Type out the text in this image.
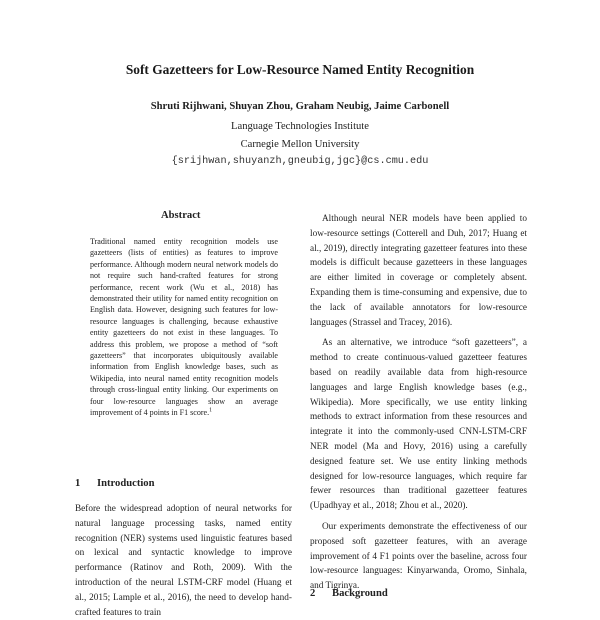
Soft Gazetteers for Low-Resource Named Entity Recognition
Shruti Rijhwani, Shuyan Zhou, Graham Neubig, Jaime Carbonell
Language Technologies Institute
Carnegie Mellon University
{srijhwan,shuyanzh,gneubig,jgc}@cs.cmu.edu
Abstract
Traditional named entity recognition models use gazetteers (lists of entities) as features to improve performance. Although modern neural network models do not require such hand-crafted features for strong performance, recent work (Wu et al., 2018) has demonstrated their utility for named entity recognition on English data. However, designing such features for low-resource languages is challenging, because exhaustive entity gazetteers do not exist in these languages. To address this problem, we propose a method of “soft gazetteers” that incorporates ubiquitously available information from English knowledge bases, such as Wikipedia, into neural named entity recognition models through cross-lingual entity linking. Our experiments on four low-resource languages show an average improvement of 4 points in F1 score.$^1$
1 Introduction

Before the widespread adoption of neural networks for natural language processing tasks, named entity recognition (NER) systems used linguistic features based on lexical and syntactic knowledge to improve performance (Ratinov and Roth, 2009). With the introduction of the neural LSTM-CRF model (Huang et al., 2015; Lample et al., 2016), the need to develop hand-crafted features to train

Although neural NER models have been applied to low-resource settings (Cotterell and Duh, 2017; Huang et al., 2019), directly integrating gazetteer features into these models is difficult because gazetteers in these languages are either limited in coverage or completely absent. Expanding them is time-consuming and expensive, due to the lack of available annotators for low-resource languages (Strassel and Tracey, 2016).

As an alternative, we introduce “soft gazetteers”, a method to create continuous-valued gazetteer features based on readily available data from high-resource languages and large English knowledge bases (e.g., Wikipedia). More specifically, we use entity linking methods to extract information from these resources and integrate it into the commonly-used CNN-LSTM-CRF NER model (Ma and Hovy, 2016) using a carefully designed feature set. We use entity linking methods designed for low-resource languages, which require far fewer resources than traditional gazetteer features (Upadhyay et al., 2018; Zhou et al., 2020).

Our experiments demonstrate the effectiveness of our proposed soft gazetteer features, with an average improvement of 4 F1 points over the baseline, across four low-resource languages: Kinyarwanda, Oromo, Sinhala, and Tigrinya.

2 Background
